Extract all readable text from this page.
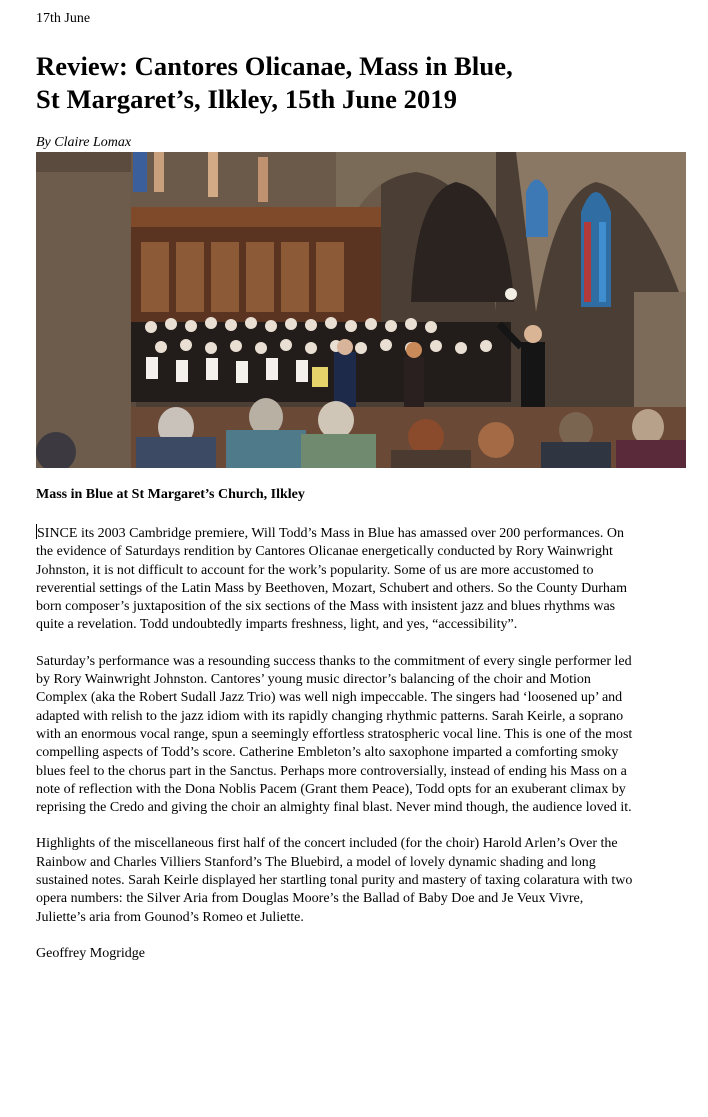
17th June
Review: Cantores Olicanae, Mass in Blue,
St Margaret’s, Ilkley, 15th June 2019
By Claire Lomax
Mass in Blue at St Margaret’s Church, Ilkley

SINCE its 2003 Cambridge premiere, Will Todd’s Mass in Blue has amassed over 200 performances. On the evidence of Saturdays rendition by Cantores Olicanae energetically conducted by Rory Wainwright Johnston, it is not difficult to account for the work’s popularity. Some of us are more accustomed to reverential settings of the Latin Mass by Beethoven, Mozart, Schubert and others. So the County Durham born composer’s juxtaposition of the six sections of the Mass with insistent jazz and blues rhythms was quite a revelation. Todd undoubtedly imparts freshness, light, and yes, “accessibility”.

Saturday’s performance was a resounding success thanks to the commitment of every single performer led by Rory Wainwright Johnston. Cantores’ young music director’s balancing of the choir and Motion Complex (aka the Robert Sudall Jazz Trio) was well nigh impeccable. The singers had ‘loosened up’ and adapted with relish to the jazz idiom with its rapidly changing rhythmic patterns. Sarah Keirle, a soprano with an enormous vocal range, spun a seemingly effortless stratospheric vocal line. This is one of the most compelling aspects of Todd’s score. Catherine Embleton’s alto saxophone imparted a comforting smoky blues feel to the chorus part in the Sanctus. Perhaps more controversially, instead of ending his Mass on a note of reflection with the Dona Noblis Pacem (Grant them Peace), Todd opts for an exuberant climax by reprising the Credo and giving the choir an almighty final blast. Never mind though, the audience loved it.

Highlights of the miscellaneous first half of the concert included (for the choir) Harold Arlen’s Over the Rainbow and Charles Villiers Stanford’s The Bluebird, a model of lovely dynamic shading and long sustained notes. Sarah Keirle displayed her startling tonal purity and mastery of taxing colaratura with two opera numbers: the Silver Aria from Douglas Moore’s the Ballad of Baby Doe and Je Veux Vivre, Juliette’s aria from Gounod’s Romeo et Juliette.

Geoffrey Mogridge
